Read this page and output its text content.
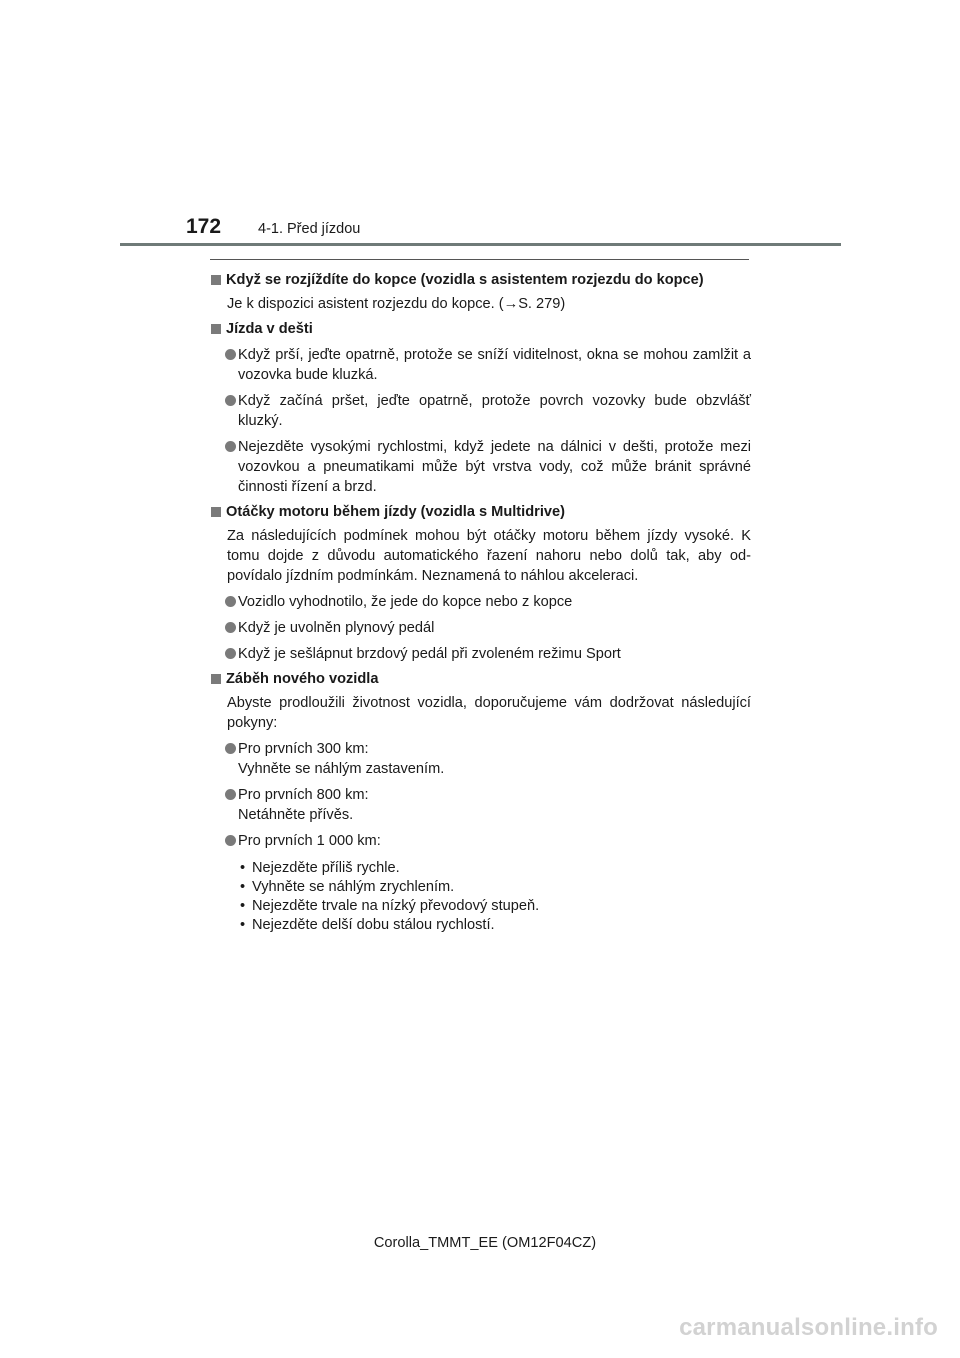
172	4-1. Před jízdou
Když se rozjíždíte do kopce (vozidla s asistentem rozjezdu do kopce)
Je k dispozici asistent rozjezdu do kopce. (→S. 279)
Jízda v dešti
Když prší, jeďte opatrně, protože se sníží viditelnost, okna se mohou zamlžit a vozovka bude kluzká.
Když začíná pršet, jeďte opatrně, protože povrch vozovky bude obzvlášť kluzký.
Nejezděte vysokými rychlostmi, když jedete na dálnici v dešti, protože mezi vozovkou a pneumatikami může být vrstva vody, což může bránit správné činnosti řízení a brzd.
Otáčky motoru během jízdy (vozidla s Multidrive)
Za následujících podmínek mohou být otáčky motoru během jízdy vysoké. K tomu dojde z důvodu automatického řazení nahoru nebo dolů tak, aby od-povídalo jízdním podmínkám. Neznamená to náhlou akceleraci.
Vozidlo vyhodnotilo, že jede do kopce nebo z kopce
Když je uvolněn plynový pedál
Když je sešlápnut brzdový pedál při zvoleném režimu Sport
Záběh nového vozidla
Abyste prodloužili životnost vozidla, doporučujeme vám dodržovat následující pokyny:
Pro prvních 300 km:
Vyhněte se náhlým zastavením.
Pro prvních 800 km:
Netáhněte přívěs.
Pro prvních 1 000 km:
• Nejezděte příliš rychle.
• Vyhněte se náhlým zrychlením.
• Nejezděte trvale na nízký převodový stupeň.
• Nejezděte delší dobu stálou rychlostí.
Corolla_TMMT_EE (OM12F04CZ)
carmanualsonline.info
